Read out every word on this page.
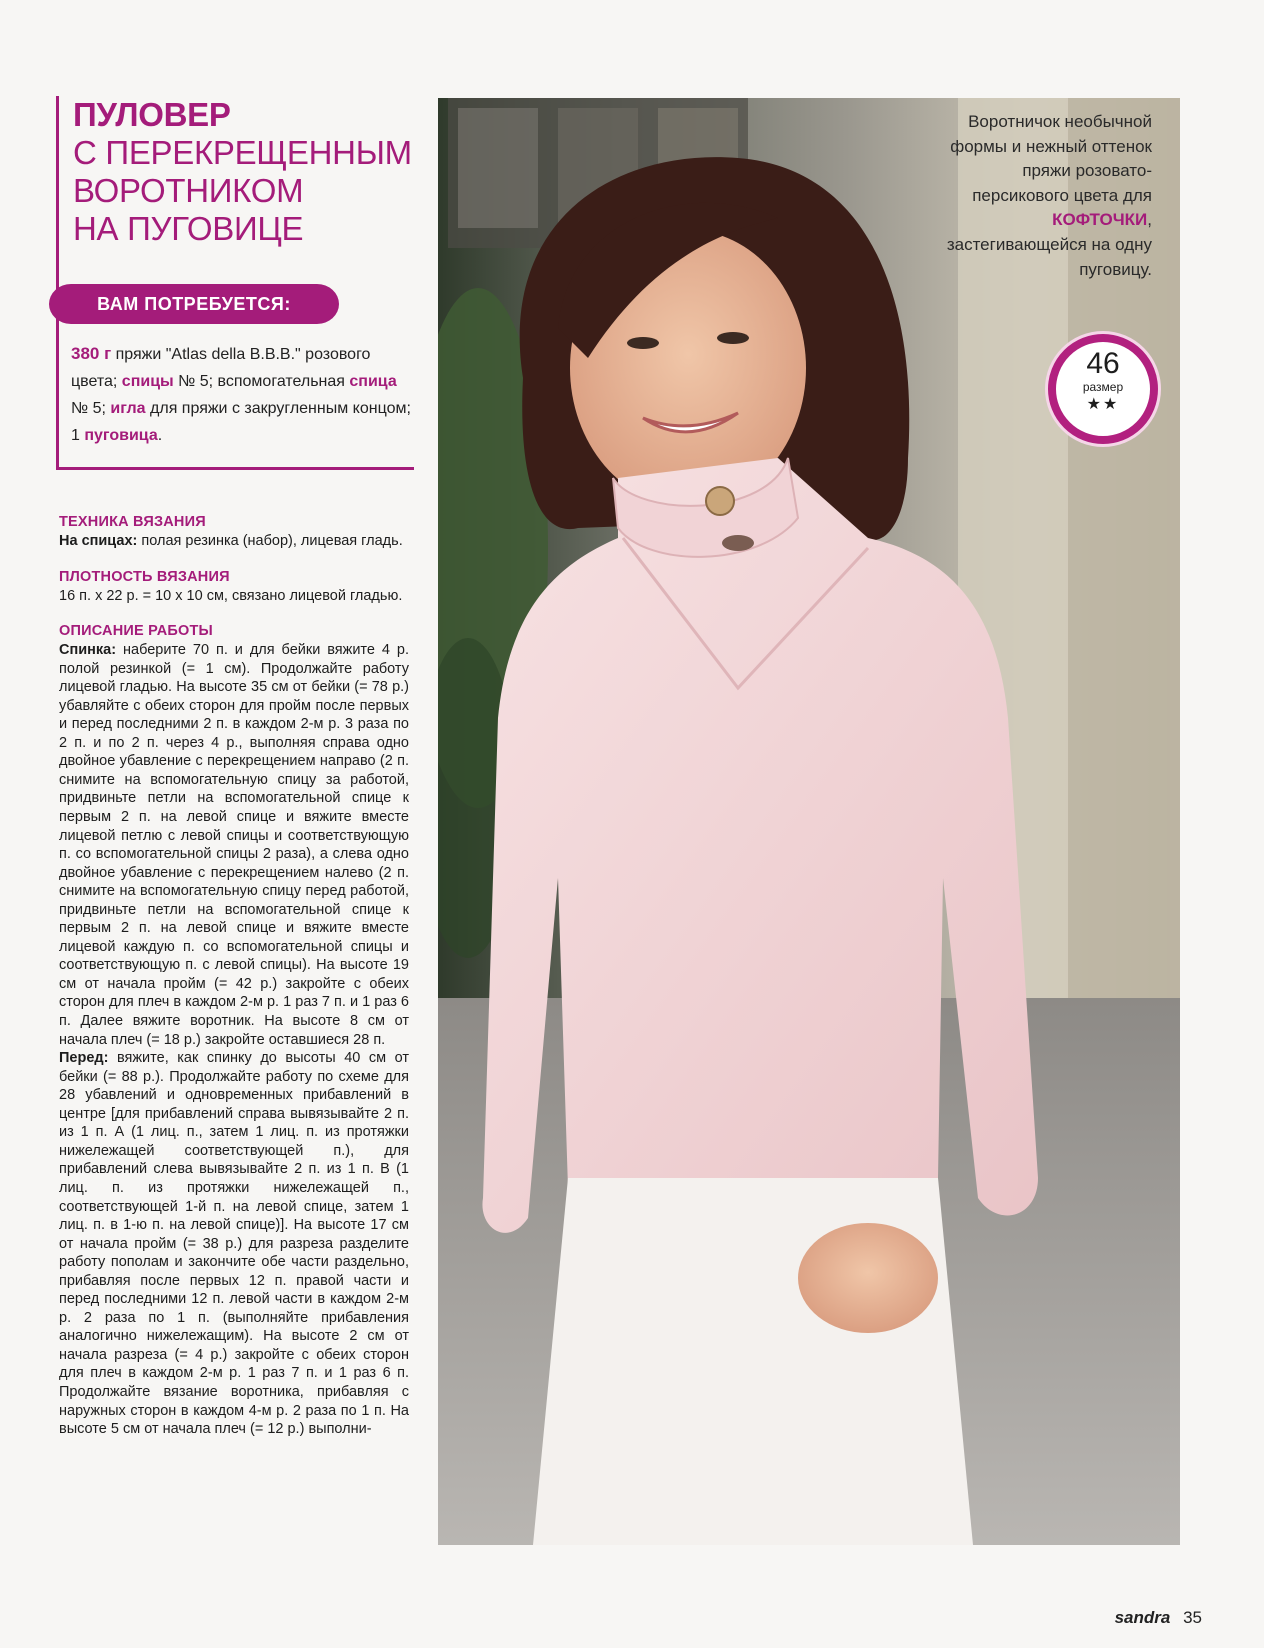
ПУЛОВЕР
С ПЕРЕКРЕЩЕННЫМ
ВОРОТНИКОМ
НА ПУГОВИЦЕ
ВАМ ПОТРЕБУЕТСЯ:

380 г пряжи "Atlas della B.B.B." розового цвета; спицы № 5; вспомогательная спица № 5; игла для пряжи с закругленным концом; 1 пуговица.

ТЕХНИКА ВЯЗАНИЯ

На спицах: полая резинка (набор), лицевая гладь.

ПЛОТНОСТЬ ВЯЗАНИЯ

16 п. х 22 р. = 10 х 10 см, связано лицевой гладью.

ОПИСАНИЕ РАБОТЫ

Спинка: наберите 70 п. и для бейки вяжите 4 р. полой резинкой (= 1 см). Продолжайте работу лицевой гладью. На высоте 35 см от бейки (= 78 р.) убавляйте с обеих сторон для пройм после первых и перед последними 2 п. в каждом 2-м р. 3 раза по 2 п. и по 2 п. через 4 р., выполняя справа одно двойное убавление с перекрещением направо (2 п. снимите на вспомогательную спицу за работой, придвиньте петли на вспомогательной спице к первым 2 п. на левой спице и вяжите вместе лицевой петлю с левой спицы и соответствующую п. со вспомогательной спицы 2 раза), а слева одно двойное убавление с перекрещением налево (2 п. снимите на вспомогательную спицу перед работой, придвиньте петли на вспомогательной спице к первым 2 п. на левой спице и вяжите вместе лицевой каждую п. со вспомогательной спицы и соответствующую п. с левой спицы). На высоте 19 см от начала пройм (= 42 р.) закройте с обеих сторон для плеч в каждом 2-м р. 1 раз 7 п. и 1 раз 6 п. Далее вяжите воротник. На высоте 8 см от начала плеч (= 18 р.) закройте оставшиеся 28 п.

Перед: вяжите, как спинку до высоты 40 см от бейки (= 88 р.). Продолжайте работу по схеме для 28 убавлений и одновременных прибавлений в центре [для прибавлений справа вывязывайте 2 п. из 1 п. А (1 лиц. п., затем 1 лиц. п. из протяжки нижележащей соответствующей п.), для прибавлений слева вывязывайте 2 п. из 1 п. В (1 лиц. п. из протяжки нижележащей п., соответствующей 1-й п. на левой спице, затем 1 лиц. п. в 1-ю п. на левой спице)]. На высоте 17 см от начала пройм (= 38 р.) для разреза разделите работу пополам и закончите обе части раздельно, прибавляя после первых 12 п. правой части и перед последними 12 п. левой части в каждом 2-м р. 2 раза по 1 п. (выполняйте прибавления аналогично нижележащим). На высоте 2 см от начала разреза (= 4 р.) закройте с обеих сторон для плеч в каждом 2-м р. 1 раз 7 п. и 1 раз 6 п. Продолжайте вязание воротника, прибавляя с наружных сторон в каждом 4-м р. 2 раза по 1 п. На высоте 5 см от начала плеч (= 12 р.) выполни-

Воротничок необычной формы и нежный оттенок пряжи розовато-персикового цвета для КОФТОЧКИ, застегивающейся на одну пуговицу.

46
размер
★★
sandra 35
